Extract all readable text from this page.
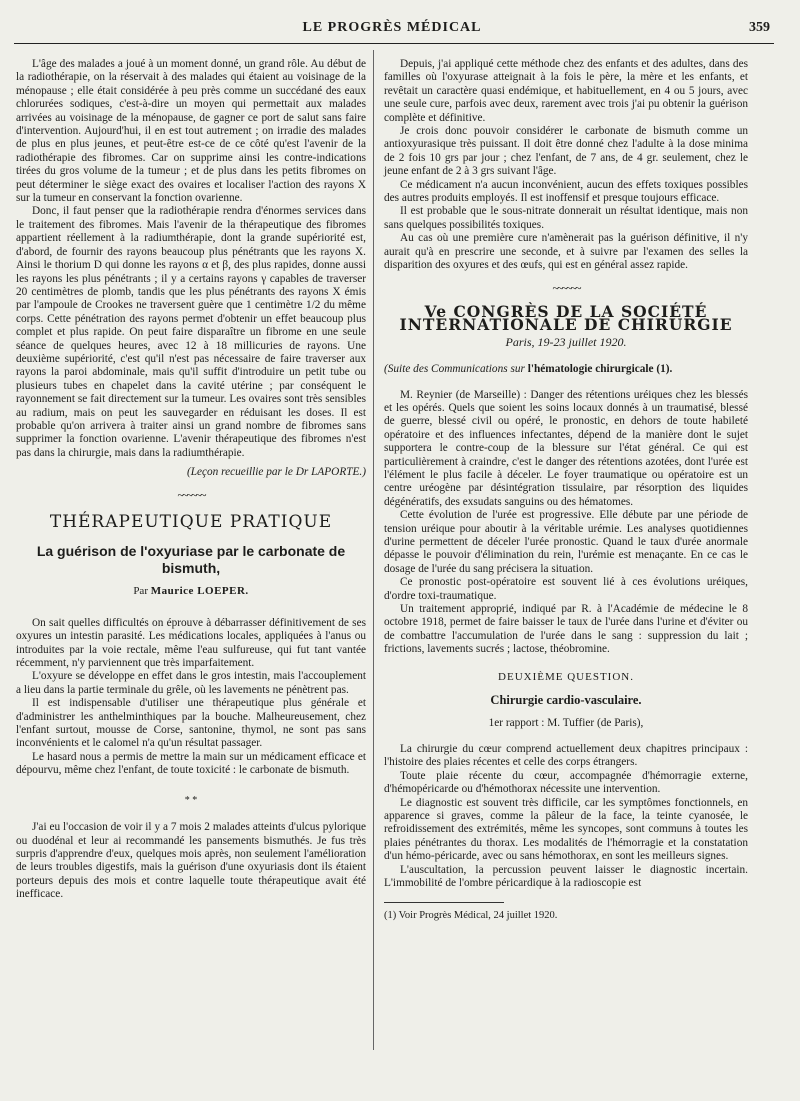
LE PROGRÈS MÉDICAL	359

L'âge des malades a joué à un moment donné, un grand rôle. Au début de la radiothérapie, on la réservait à des malades qui étaient au voisinage de la ménopause ; elle était considérée à peu près comme un succédané des eaux chlorurées sodiques, c'est-à-dire un moyen qui permettait aux malades arrivées au voisinage de la ménopause, de gagner ce port de salut sans faire d'intervention. Aujourd'hui, il en est tout autrement ; on irradie des malades de plus en plus jeunes, et peut-être est-ce de ce côté qu'est l'avenir de la radiothérapie des fibromes. Car on supprime ainsi les contre-indications tirées du gros volume de la tumeur ; et de plus dans les petits fibromes on peut déterminer le siège exact des ovaires et localiser l'action des rayons X sur la tumeur en conservant la fonction ovarienne.

Donc, il faut penser que la radiothérapie rendra d'énormes services dans le traitement des fibromes. Mais l'avenir de la thérapeutique des fibromes appartient réellement à la radiumthérapie, dont la grande supériorité est, d'abord, de fournir des rayons beaucoup plus pénétrants que les rayons X. Ainsi le thorium D qui donne les rayons α et β, des plus rapides, donne aussi les rayons les plus pénétrants ; il y a certains rayons γ capables de traverser 20 centimètres de plomb, tandis que les plus pénétrants des rayons X émis par l'ampoule de Crookes ne traversent guère que 1 centimètre 1/2 du même corps. Cette pénétration des rayons permet d'obtenir un effet beaucoup plus complet et plus rapide. On peut faire disparaître un fibrome en une seule séance de quelques heures, avec 12 à 18 millicuries de rayons. Une deuxième supériorité, c'est qu'il n'est pas nécessaire de faire traverser aux rayons la paroi abdominale, mais qu'il suffit d'introduire un petit tube ou plusieurs tubes en chapelet dans la cavité utérine ; par conséquent le rayonnement se fait directement sur la tumeur. Les ovaires sont très sensibles au radium, mais on peut les sauvegarder en réduisant les doses. Il est probable qu'on arrivera à traiter ainsi un grand nombre de fibromes sans supprimer la fonction ovarienne. L'avenir thérapeutique des fibromes n'est pas dans la chirurgie, mais dans la radiumthérapie.

(Leçon recueillie par le Dr LAPORTE.)
~~~~~~
THÉRAPEUTIQUE PRATIQUE
La guérison de l'oxyuriase par le carbonate de bismuth,
Par Maurice LOEPER.

On sait quelles difficultés on éprouve à débarrasser définitivement de ses oxyures un intestin parasité. Les médications locales, appliquées à l'anus ou introduites par la voie rectale, même l'eau sulfureuse, qui fut tant vantée récemment, n'y parviennent que très imparfaitement.

L'oxyure se développe en effet dans le gros intestin, mais l'accouplement a lieu dans la partie terminale du grêle, où les lavements ne pénètrent pas.

Il est indispensable d'utiliser une thérapeutique plus générale et d'administrer les anthelminthiques par la bouche. Malheureusement, chez l'enfant surtout, mousse de Corse, santonine, thymol, ne sont pas sans inconvénients et le calomel n'a qu'un résultat passager.

Le hasard nous a permis de mettre la main sur un médicament efficace et dépourvu, même chez l'enfant, de toute toxicité : le carbonate de bismuth.

* *

J'ai eu l'occasion de voir il y a 7 mois 2 malades atteints d'ulcus pylorique ou duodénal et leur ai recommandé les pansements bismuthés. Je fus très surpris d'apprendre d'eux, quelques mois après, non seulement l'amélioration de leurs troubles digestifs, mais la guérison d'une oxyuriasis dont ils étaient porteurs depuis des mois et contre laquelle toute thérapeutique avait été inefficace.

Depuis, j'ai appliqué cette méthode chez des enfants et des adultes, dans des familles où l'oxyurase atteignait à la fois le père, la mère et les enfants, et revêtait un caractère quasi endémique, et habituellement, en 4 ou 5 jours, avec une seule cure, parfois avec deux, rarement avec trois j'ai pu obtenir la guérison complète et définitive.

Je crois donc pouvoir considérer le carbonate de bismuth comme un antioxyurasique très puissant. Il doit être donné chez l'adulte à la dose minima de 2 fois 10 grs par jour ; chez l'enfant, de 7 ans, de 4 gr. seulement, chez le jeune enfant de 2 à 3 grs suivant l'âge.

Ce médicament n'a aucun inconvénient, aucun des effets toxiques possibles des autres produits employés. Il est inoffensif et presque toujours efficace.

Il est probable que le sous-nitrate donnerait un résultat identique, mais non sans quelques possibilités toxiques.

Au cas où une première cure n'amènerait pas la guérison définitive, il n'y aurait qu'à en prescrire une seconde, et à suivre par l'examen des selles la disparition des oxyures et des œufs, qui est en général assez rapide.

~~~~~~
Ve CONGRÈS DE LA SOCIÉTÉ INTERNATIONALE DE CHIRURGIE
Paris, 19-23 juillet 1920.
(Suite des Communications sur l'hématologie chirurgicale (1).

M. Reynier (de Marseille) : Danger des rétentions uréiques chez les blessés et les opérés. Quels que soient les soins locaux donnés à un traumatisé, blessé de guerre, blessé civil ou opéré, le pronostic, en dehors de toute habileté opératoire et des influences infectantes, dépend de la manière dont le sujet supportera le contre-coup de la blessure sur l'état général. Ce qui est particulièrement à craindre, c'est le danger des rétentions azotées, dont l'urée est l'élément le plus facile à déceler. Le foyer traumatique ou opératoire est un centre uréogène par désintégration tissulaire, par résorption des liquides dégénératifs, des exsudats sanguins ou des hématomes.

Cette évolution de l'urée est progressive. Elle débute par une période de tension uréique pour aboutir à la véritable urémie. Les analyses quotidiennes d'urine permettent de déceler l'urée pronostic. Quand le taux d'urée anormale dépasse le pouvoir d'élimination du rein, l'urémie est menaçante. En ce cas le dosage de l'urée du sang précisera la situation.

Ce pronostic post-opératoire est souvent lié à ces évolutions uréiques, d'ordre toxi-traumatique.

Un traitement approprié, indiqué par R. à l'Académie de médecine le 8 octobre 1918, permet de faire baisser le taux de l'urée dans l'urine et d'éviter ou de combattre l'accumulation de l'urée dans le sang : suppression du lait ; frictions, lavements sucrés ; lactose, théobromine.

DEUXIÈME QUESTION.
Chirurgie cardio-vasculaire.
1er rapport : M. Tuffier (de Paris),

La chirurgie du cœur comprend actuellement deux chapitres principaux : l'histoire des plaies récentes et celle des corps étrangers.

Toute plaie récente du cœur, accompagnée d'hémorragie externe, d'hémopéricarde ou d'hémothorax nécessite une intervention.

Le diagnostic est souvent très difficile, car les symptômes fonctionnels, en apparence si graves, comme la pâleur de la face, la teinte cyanosée, le refroidissement des extrémités, même les syncopes, sont communs à toutes les plaies pénétrantes du thorax. Les modalités de l'hémorragie et la constatation d'un hémo-péricarde, avec ou sans hémothorax, en sont les meilleurs signes.

L'auscultation, la percussion peuvent laisser le diagnostic incertain. L'immobilité de l'ombre péricardique à la radioscopie est

(1) Voir Progrès Médical, 24 juillet 1920.
